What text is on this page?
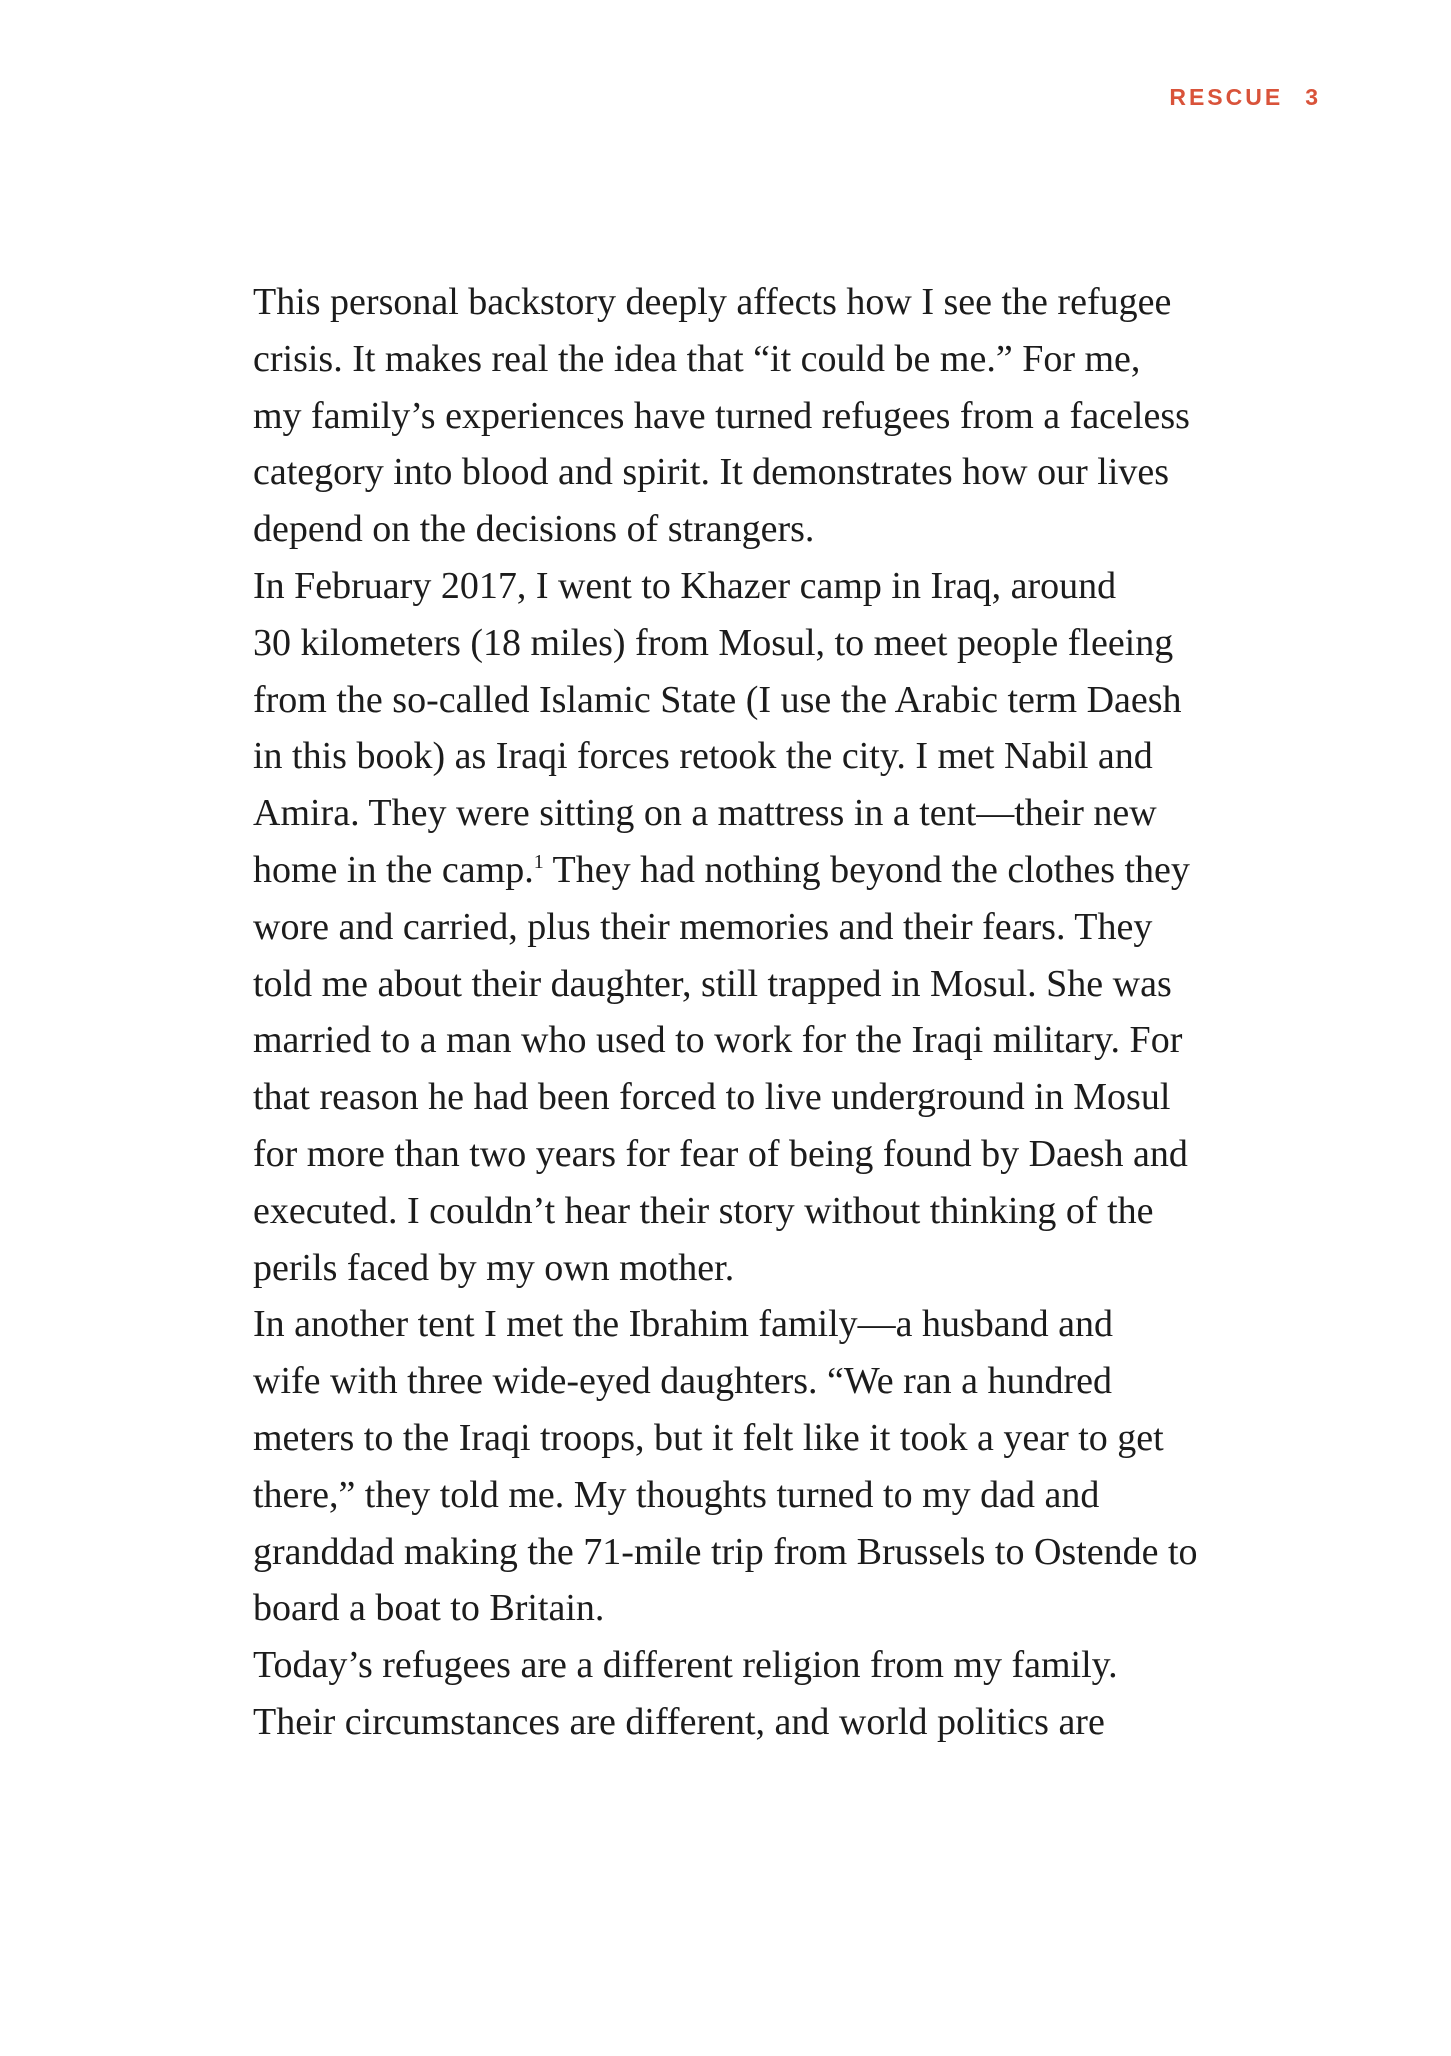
RESCUE 3

This personal backstory deeply affects how I see the refugee
crisis. It makes real the idea that “it could be me.” For me,
my family’s experiences have turned refugees from a faceless
category into blood and spirit. It demonstrates how our lives
depend on the decisions of strangers.

In February 2017, I went to Khazer camp in Iraq, around
30 kilometers (18 miles) from Mosul, to meet people fleeing
from the so-called Islamic State (I use the Arabic term Daesh
in this book) as Iraqi forces retook the city. I met Nabil and
Amira. They were sitting on a mattress in a tent—their new
home in the camp.$^1$ They had nothing beyond the clothes they
wore and carried, plus their memories and their fears. They
told me about their daughter, still trapped in Mosul. She was
married to a man who used to work for the Iraqi military. For
that reason he had been forced to live underground in Mosul
for more than two years for fear of being found by Daesh and
executed. I couldn’t hear their story without thinking of the
perils faced by my own mother.

In another tent I met the Ibrahim family—a husband and
wife with three wide-eyed daughters. “We ran a hundred
meters to the Iraqi troops, but it felt like it took a year to get
there,” they told me. My thoughts turned to my dad and
granddad making the 71-mile trip from Brussels to Ostende to
board a boat to Britain.

Today’s refugees are a different religion from my family.
Their circumstances are different, and world politics are
